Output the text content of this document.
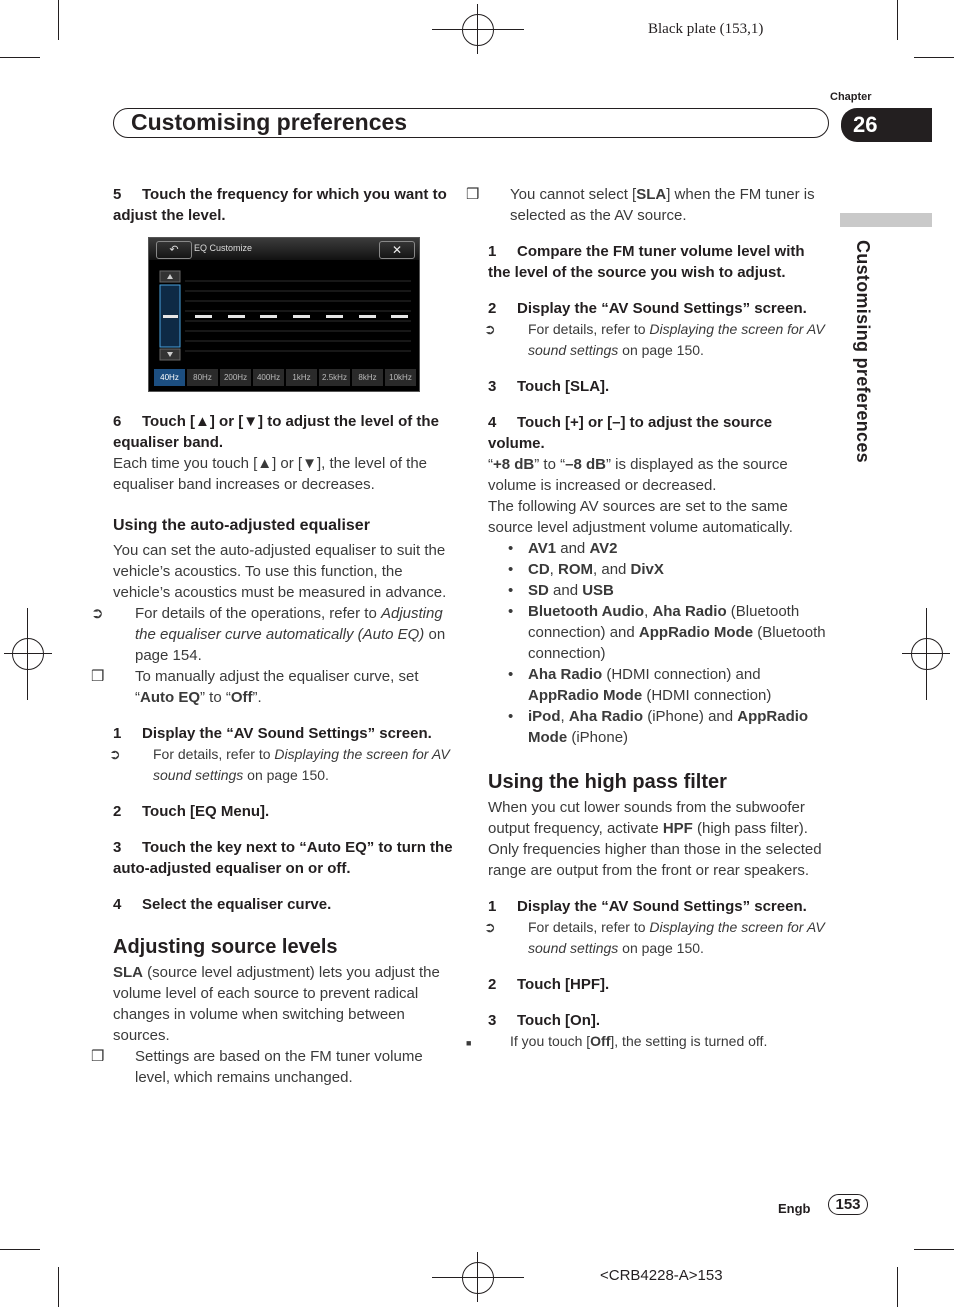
Black plate (153,1)
Customising preferences
Chapter
26
Customising preferences

5 Touch the frequency for which you want to adjust the level.

↶	EQ Customize	✕
40Hz	80Hz	200Hz	400Hz	1kHz	2.5kHz	8kHz	10kHz

6 Touch [▲] or [▼] to adjust the level of the equaliser band.

Each time you touch [▲] or [▼], the level of the equaliser band increases or decreases.

Using the auto-adjusted equaliser

You can set the auto-adjusted equaliser to suit the vehicle’s acoustics. To use this function, the vehicle’s acoustics must be measured in advance.

➲ For details of the operations, refer to Adjusting the equaliser curve automatically (Auto EQ) on page 154.

❒ To manually adjust the equaliser curve, set “Auto EQ” to “Off”.

1 Display the “AV Sound Settings” screen.

➲ For details, refer to Displaying the screen for AV sound settings on page 150.

2 Touch [EQ Menu].

3 Touch the key next to “Auto EQ” to turn the auto-adjusted equaliser on or off.

4 Select the equaliser curve.

Adjusting source levels

SLA (source level adjustment) lets you adjust the volume level of each source to prevent radical changes in volume when switching between sources.

❒ Settings are based on the FM tuner volume level, which remains unchanged.

❒ You cannot select [SLA] when the FM tuner is selected as the AV source.

1 Compare the FM tuner volume level with the level of the source you wish to adjust.

2 Display the “AV Sound Settings” screen.

➲ For details, refer to Displaying the screen for AV sound settings on page 150.

3 Touch [SLA].

4 Touch [+] or [–] to adjust the source volume.

“+8 dB” to “–8 dB” is displayed as the source volume is increased or decreased.

The following AV sources are set to the same source level adjustment volume automatically.

• AV1 and AV2

• CD, ROM, and DivX

• SD and USB

• Bluetooth Audio, Aha Radio (Bluetooth connection) and AppRadio Mode (Bluetooth connection)

• Aha Radio (HDMI connection) and AppRadio Mode (HDMI connection)

• iPod, Aha Radio (iPhone) and AppRadio Mode (iPhone)

Using the high pass filter

When you cut lower sounds from the subwoofer output frequency, activate HPF (high pass filter). Only frequencies higher than those in the selected range are output from the front or rear speakers.

1 Display the “AV Sound Settings” screen.

➲ For details, refer to Displaying the screen for AV sound settings on page 150.

2 Touch [HPF].

3 Touch [On].

■	If you touch [Off], the setting is turned off.

Engb	153
<CRB4228-A>153
